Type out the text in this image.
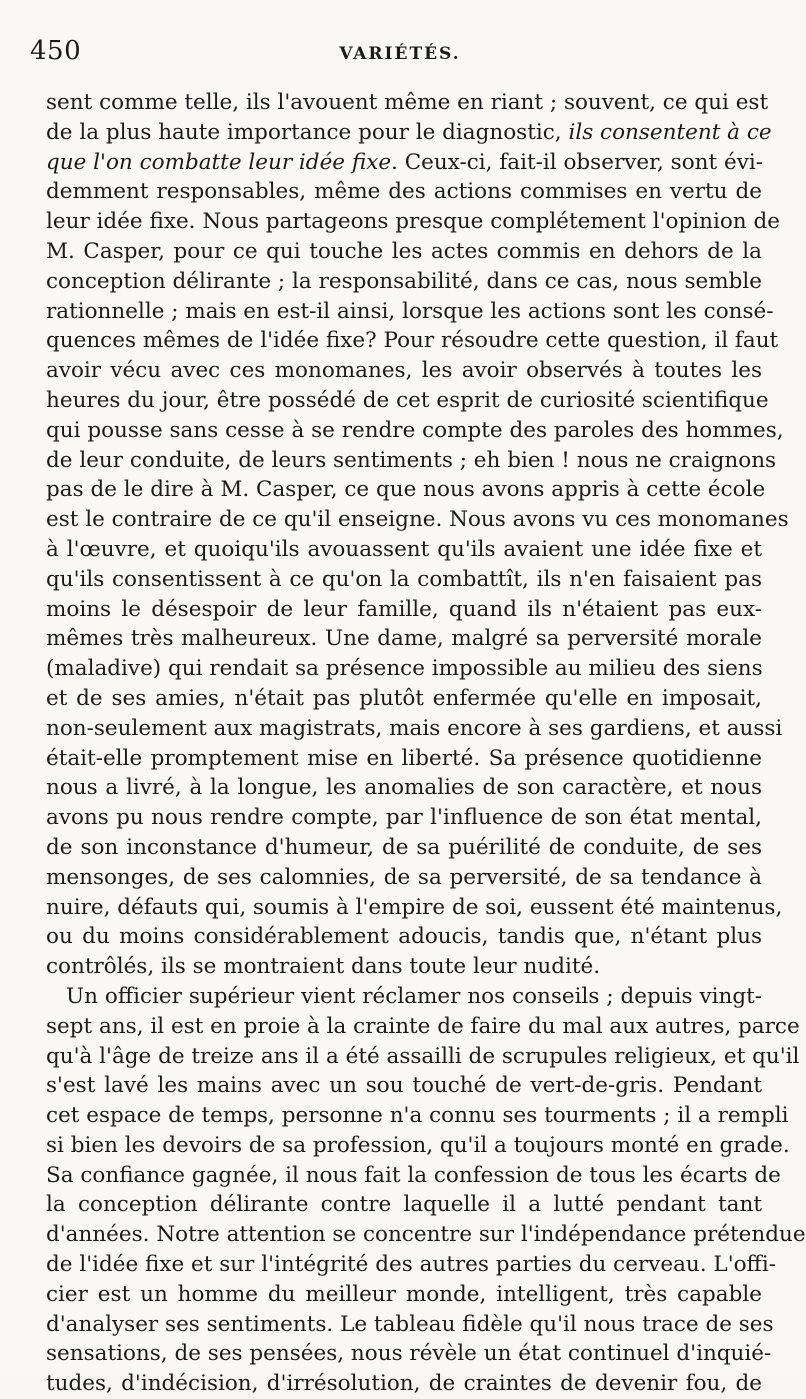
450	VARIÉTÉS.
sent comme telle, ils l'avouent même en riant ; souvent, ce qui est
de la plus haute importance pour le diagnostic, ils consentent à ce
que l'on combatte leur idée fixe. Ceux-ci, fait-il observer, sont évi-
demment responsables, même des actions commises en vertu de
leur idée fixe. Nous partageons presque complétement l'opinion de
M. Casper, pour ce qui touche les actes commis en dehors de la
conception délirante ; la responsabilité, dans ce cas, nous semble
rationnelle ; mais en est-il ainsi, lorsque les actions sont les consé-
quences mêmes de l'idée fixe? Pour résoudre cette question, il faut
avoir vécu avec ces monomanes, les avoir observés à toutes les
heures du jour, être possédé de cet esprit de curiosité scientifique
qui pousse sans cesse à se rendre compte des paroles des hommes,
de leur conduite, de leurs sentiments ; eh bien ! nous ne craignons
pas de le dire à M. Casper, ce que nous avons appris à cette école
est le contraire de ce qu'il enseigne. Nous avons vu ces monomanes
à l'œuvre, et quoiqu'ils avouassent qu'ils avaient une idée fixe et
qu'ils consentissent à ce qu'on la combattît, ils n'en faisaient pas
moins le désespoir de leur famille, quand ils n'étaient pas eux-
mêmes très malheureux. Une dame, malgré sa perversité morale
(maladive) qui rendait sa présence impossible au milieu des siens
et de ses amies, n'était pas plutôt enfermée qu'elle en imposait,
non-seulement aux magistrats, mais encore à ses gardiens, et aussi
était-elle promptement mise en liberté. Sa présence quotidienne
nous a livré, à la longue, les anomalies de son caractère, et nous
avons pu nous rendre compte, par l'influence de son état mental,
de son inconstance d'humeur, de sa puérilité de conduite, de ses
mensonges, de ses calomnies, de sa perversité, de sa tendance à
nuire, défauts qui, soumis à l'empire de soi, eussent été maintenus,
ou du moins considérablement adoucis, tandis que, n'étant plus
contrôlés, ils se montraient dans toute leur nudité.
Un officier supérieur vient réclamer nos conseils ; depuis vingt-
sept ans, il est en proie à la crainte de faire du mal aux autres, parce
qu'à l'âge de treize ans il a été assailli de scrupules religieux, et qu'il
s'est lavé les mains avec un sou touché de vert-de-gris. Pendant
cet espace de temps, personne n'a connu ses tourments ; il a rempli
si bien les devoirs de sa profession, qu'il a toujours monté en grade.
Sa confiance gagnée, il nous fait la confession de tous les écarts de
la conception délirante contre laquelle il a lutté pendant tant
d'années. Notre attention se concentre sur l'indépendance prétendue
de l'idée fixe et sur l'intégrité des autres parties du cerveau. L'offi-
cier est un homme du meilleur monde, intelligent, très capable
d'analyser ses sentiments. Le tableau fidèle qu'il nous trace de ses
sensations, de ses pensées, nous révèle un état continuel d'inquié-
tudes, d'indécision, d'irrésolution, de craintes de devenir fou, de
